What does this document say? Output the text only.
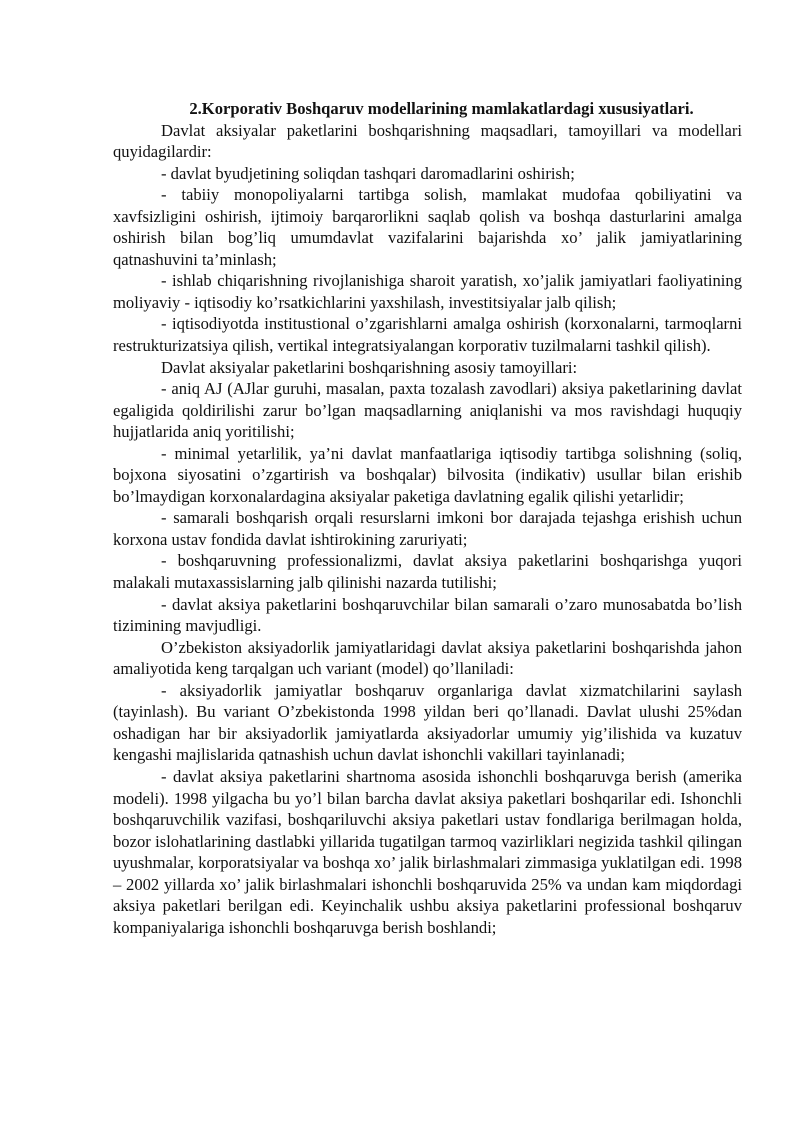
2.Korporativ Boshqaruv modellarining mamlakatlardagi xususiyatlari.

Davlat aksiyalar paketlarini boshqarishning maqsadlari, tamoyillari va modellari quyidagilardir:

- davlat byudjetining soliqdan tashqari daromadlarini oshirish;

- tabiiy monopoliyalarni tartibga solish, mamlakat mudofaa qobiliyatini va xavfsizligini oshirish, ijtimoiy barqarorlikni saqlab qolish va boshqa dasturlarini amalga oshirish bilan bog’liq umumdavlat vazifalarini bajarishda xo’ jalik jamiyatlarining qatnashuvini ta’minlash;

- ishlab chiqarishning rivojlanishiga sharoit yaratish, xo’jalik jamiyatlari faoliyatining moliyaviy - iqtisodiy ko’rsatkichlarini yaxshilash, investitsiyalar jalb qilish;

- iqtisodiyotda institustional o’zgarishlarni amalga oshirish (korxonalarni, tarmoqlarni restrukturizatsiya qilish, vertikal integratsiyalangan korporativ tuzilmalarni tashkil qilish).

Davlat aksiyalar paketlarini boshqarishning asosiy tamoyillari:

- aniq AJ (AJlar guruhi, masalan, paxta tozalash zavodlari) aksiya paketlarining davlat egaligida qoldirilishi zarur bo’lgan maqsadlarning aniqlanishi va mos ravishdagi huquqiy hujjatlarida aniq yoritilishi;

- minimal yetarlilik, ya’ni davlat manfaatlariga iqtisodiy tartibga solishning (soliq, bojxona siyosatini o’zgartirish va boshqalar) bilvosita (indikativ) usullar bilan erishib bo’lmaydigan korxonalardagina aksiyalar paketiga davlatning egalik qilishi yetarlidir;

- samarali boshqarish orqali resurslarni imkoni bor darajada tejashga erishish uchun korxona ustav fondida davlat ishtirokining zaruriyati;

- boshqaruvning professionalizmi, davlat aksiya paketlarini boshqarishga yuqori malakali mutaxassislarning jalb qilinishi nazarda tutilishi;

- davlat aksiya paketlarini boshqaruvchilar bilan samarali o’zaro munosabatda bo’lish tizimining mavjudligi.

O’zbekiston aksiyadorlik jamiyatlaridagi davlat aksiya paketlarini boshqarishda jahon amaliyotida keng tarqalgan uch variant (model) qo’llaniladi:

- aksiyadorlik jamiyatlar boshqaruv organlariga davlat xizmatchilarini saylash (tayinlash). Bu variant O’zbekistonda 1998 yildan beri qo’llanadi. Davlat ulushi 25%dan oshadigan har bir aksiyadorlik jamiyatlarda aksiyadorlar umumiy yig’ilishida va kuzatuv kengashi majlislarida qatnashish uchun davlat ishonchli vakillari tayinlanadi;

- davlat aksiya paketlarini shartnoma asosida ishonchli boshqaruvga berish (amerika modeli). 1998 yilgacha bu yo’l bilan barcha davlat aksiya paketlari boshqarilar edi. Ishonchli boshqaruvchilik vazifasi, boshqariluvchi aksiya paketlari ustav fondlariga berilmagan holda, bozor islohatlarining dastlabki yillarida tugatilgan tarmoq vazirliklari negizida tashkil qilingan uyushmalar, korporatsiyalar va boshqa xo’ jalik birlashmalari zimmasiga yuklatilgan edi. 1998 – 2002 yillarda xo’ jalik birlashmalari ishonchli boshqaruvida 25% va undan kam miqdordagi aksiya paketlari berilgan edi. Keyinchalik ushbu aksiya paketlarini professional boshqaruv kompaniyalariga ishonchli boshqaruvga berish boshlandi;
